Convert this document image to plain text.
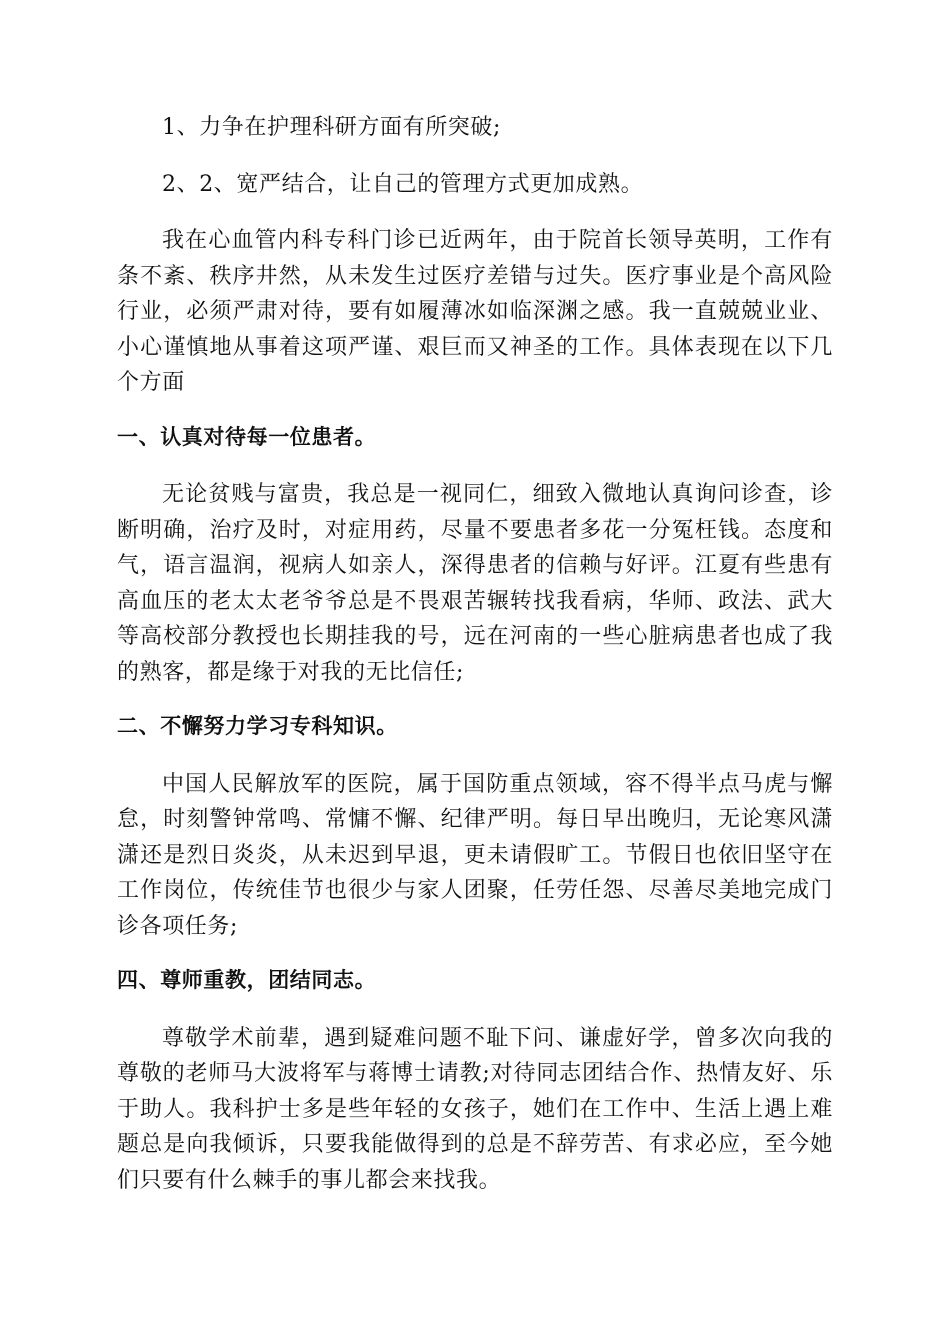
1、力争在护理科研方面有所突破;

2、2、宽严结合，让自己的管理方式更加成熟。

我在心血管内科专科门诊已近两年，由于院首长领导英明，工作有条不紊、秩序井然，从未发生过医疗差错与过失。医疗事业是个高风险行业，必须严肃对待，要有如履薄冰如临深渊之感。我一直兢兢业业、小心谨慎地从事着这项严谨、艰巨而又神圣的工作。具体表现在以下几个方面

一、认真对待每一位患者。

无论贫贱与富贵，我总是一视同仁，细致入微地认真询问诊查，诊断明确，治疗及时，对症用药，尽量不要患者多花一分冤枉钱。态度和气，语言温润，视病人如亲人，深得患者的信赖与好评。江夏有些患有高血压的老太太老爷爷总是不畏艰苦辗转找我看病，华师、政法、武大等高校部分教授也长期挂我的号，远在河南的一些心脏病患者也成了我的熟客，都是缘于对我的无比信任;

二、不懈努力学习专科知识。

中国人民解放军的医院，属于国防重点领域，容不得半点马虎与懈怠，时刻警钟常鸣、常慵不懈、纪律严明。每日早出晚归，无论寒风潇潇还是烈日炎炎，从未迟到早退，更未请假旷工。节假日也依旧坚守在工作岗位，传统佳节也很少与家人团聚，任劳任怨、尽善尽美地完成门诊各项任务;

四、尊师重教，团结同志。

尊敬学术前辈，遇到疑难问题不耻下问、谦虚好学，曾多次向我的尊敬的老师马大波将军与蒋博士请教;对待同志团结合作、热情友好、乐于助人。我科护士多是些年轻的女孩子，她们在工作中、生活上遇上难题总是向我倾诉，只要我能做得到的总是不辞劳苦、有求必应，至今她们只要有什么棘手的事儿都会来找我。
